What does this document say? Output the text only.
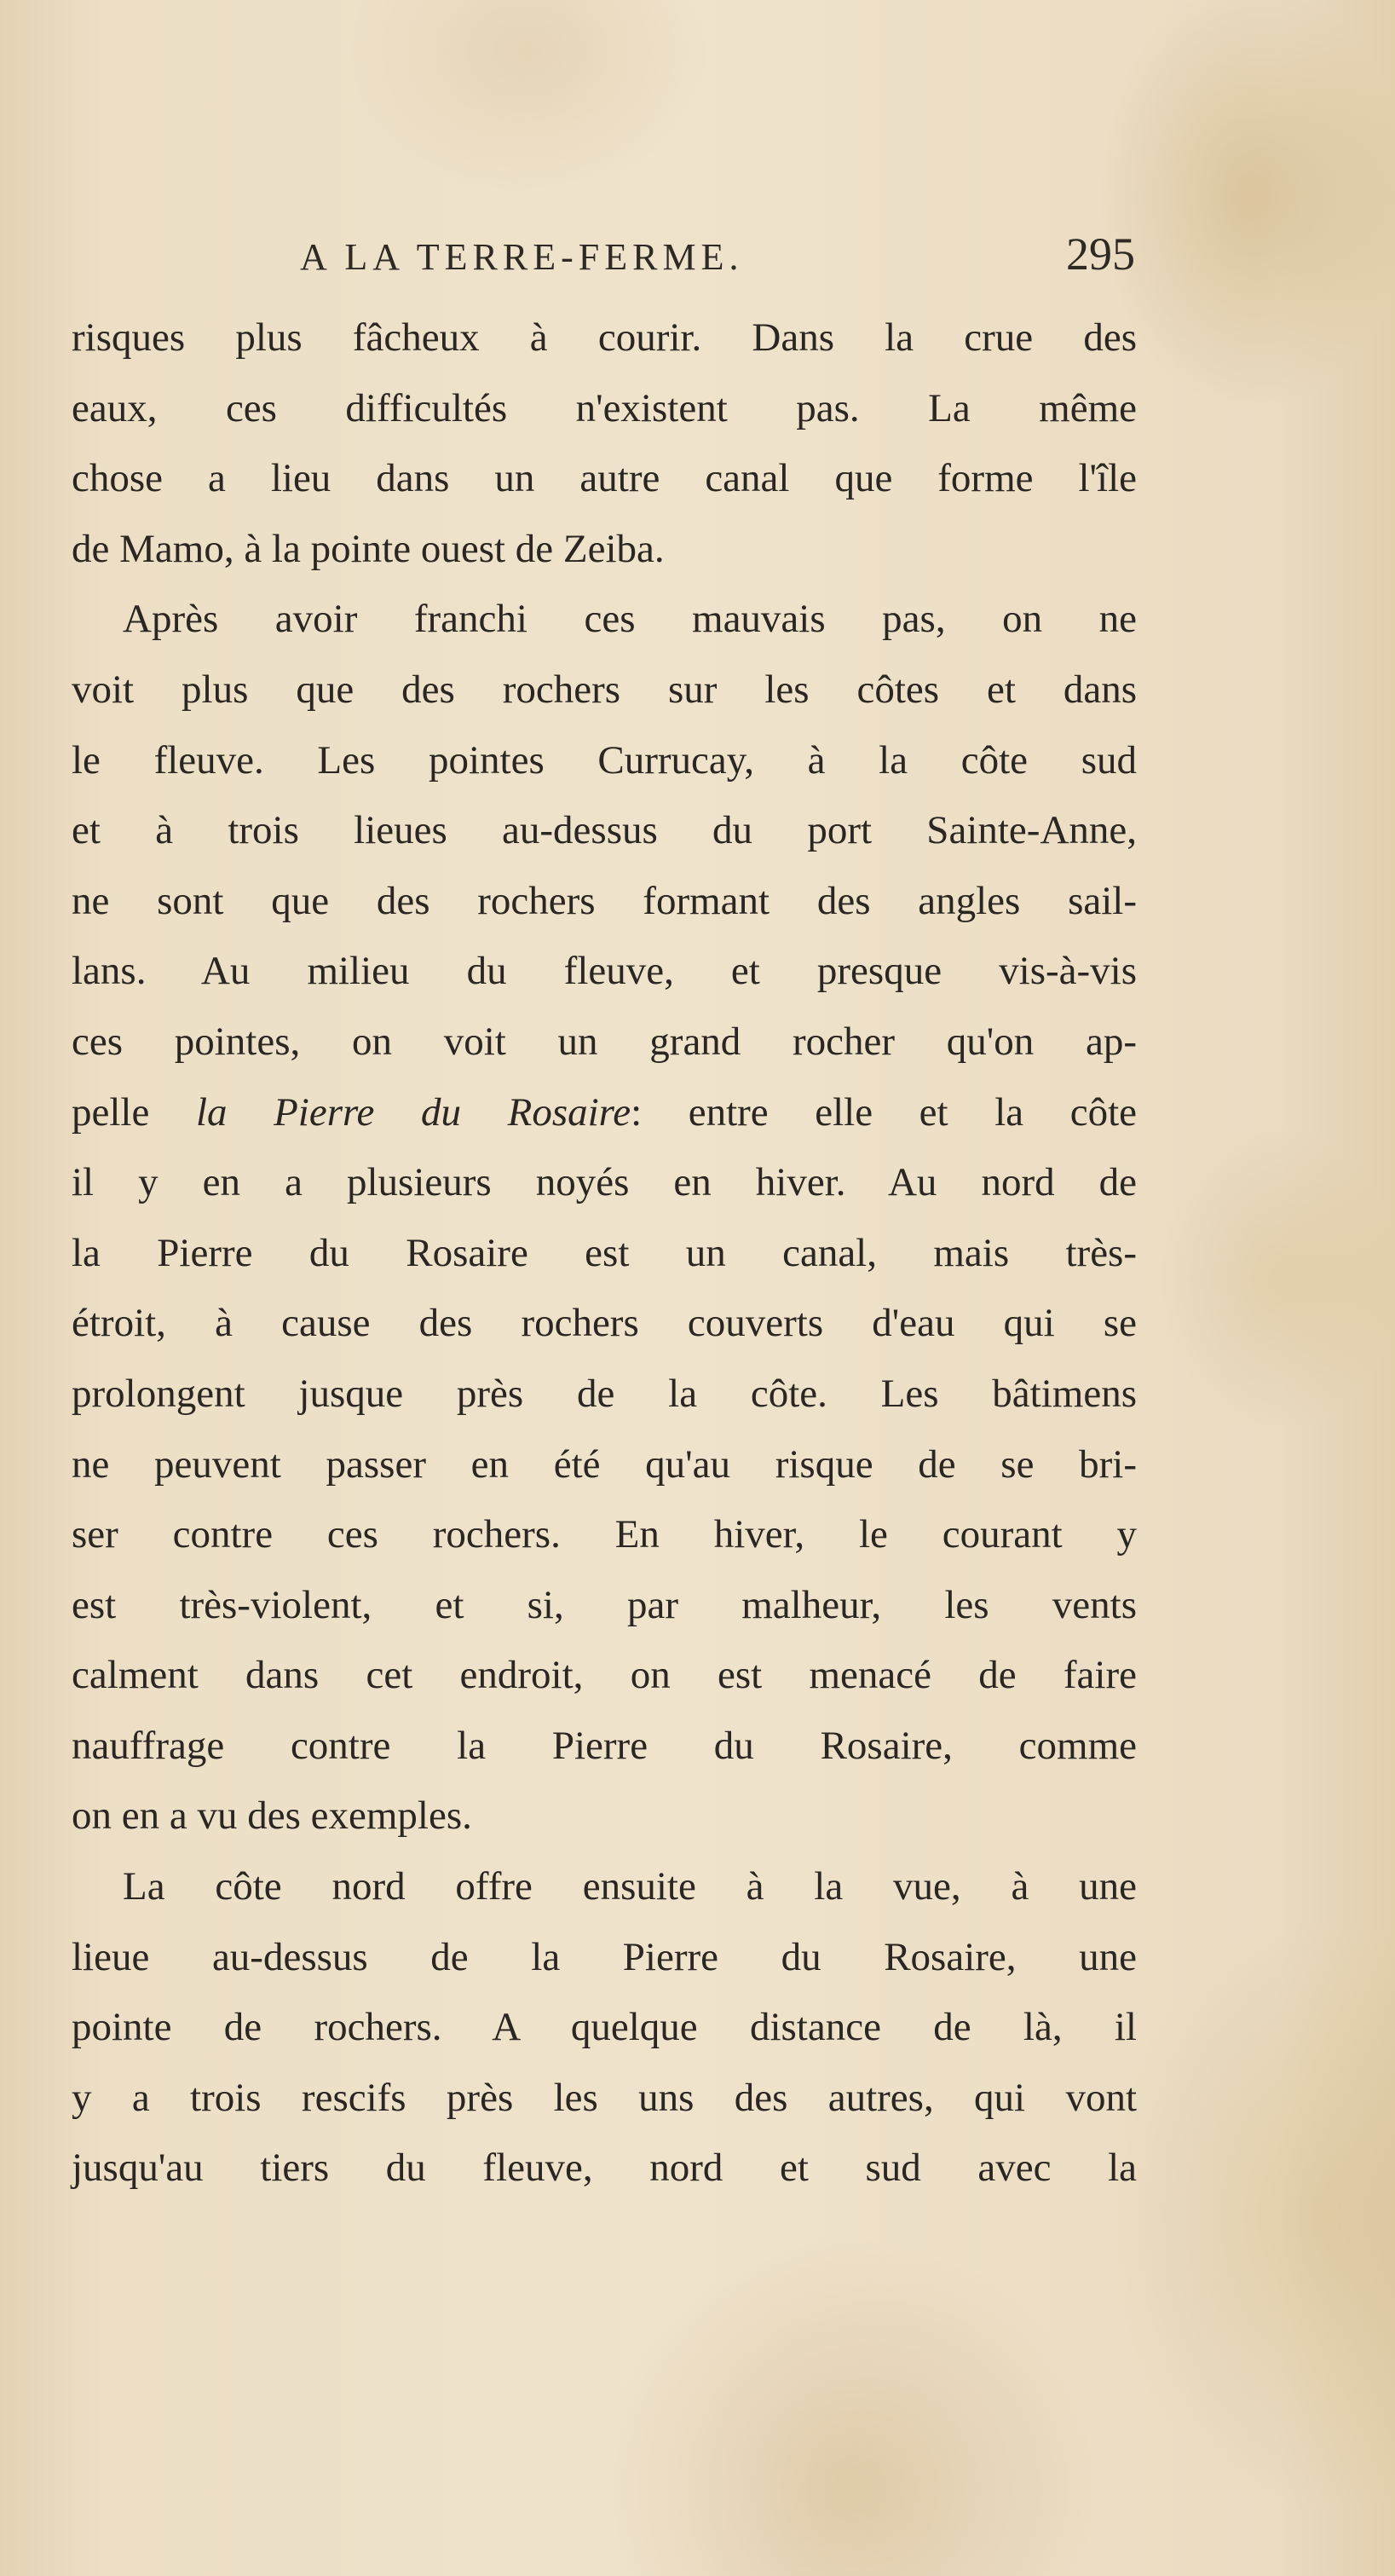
A LA TERRE-FERME.	295
risques plus fâcheux à courir. Dans la crue des
eaux, ces difficultés n'existent pas. La même
chose a lieu dans un autre canal que forme l'île
de Mamo, à la pointe ouest de Zeiba.
Après avoir franchi ces mauvais pas, on ne
voit plus que des rochers sur les côtes et dans
le fleuve. Les pointes Currucay, à la côte sud
et à trois lieues au-dessus du port Sainte-Anne,
ne sont que des rochers formant des angles sail-
lans. Au milieu du fleuve, et presque vis-à-vis
ces pointes, on voit un grand rocher qu'on ap-
pelle la Pierre du Rosaire: entre elle et la côte
il y en a plusieurs noyés en hiver. Au nord de
la Pierre du Rosaire est un canal, mais très-
étroit, à cause des rochers couverts d'eau qui se
prolongent jusque près de la côte. Les bâtimens
ne peuvent passer en été qu'au risque de se bri-
ser contre ces rochers. En hiver, le courant y
est très-violent, et si, par malheur, les vents
calment dans cet endroit, on est menacé de faire
nauffrage contre la Pierre du Rosaire, comme
on en a vu des exemples.
La côte nord offre ensuite à la vue, à une
lieue au-dessus de la Pierre du Rosaire, une
pointe de rochers. A quelque distance de là, il
y a trois rescifs près les uns des autres, qui vont
jusqu'au tiers du fleuve, nord et sud avec la
